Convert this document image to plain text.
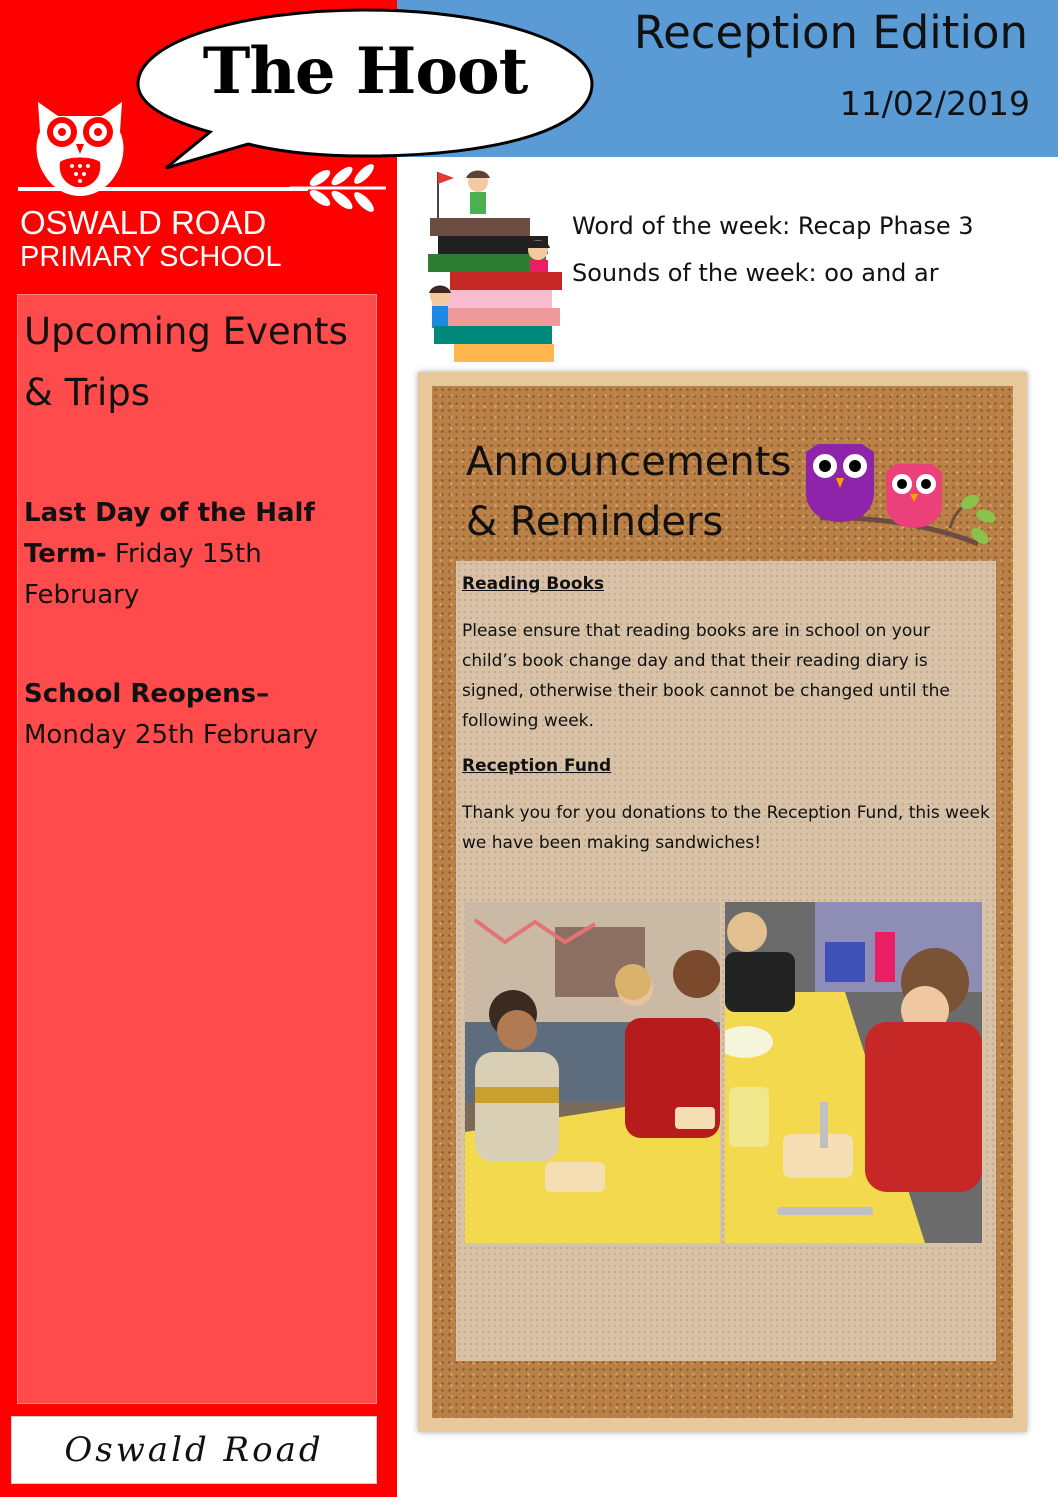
Reception Edition
11/02/2019
The Hoot
OSWALD ROAD
PRIMARY SCHOOL
Upcoming Events & Trips
Last Day of the Half Term- Friday 15th February
School Reopens–
Monday 25th February
Oswald Road
Word of the week: Recap Phase 3
Sounds of the week: oo and ar
Announcements & Reminders
Reading Books
Please ensure that reading books are in school on your child’s book change day and that their reading diary is signed, otherwise their book cannot be changed until the following week.
Reception Fund
Thank you for you donations to the Reception Fund, this week we have been making sandwiches!
